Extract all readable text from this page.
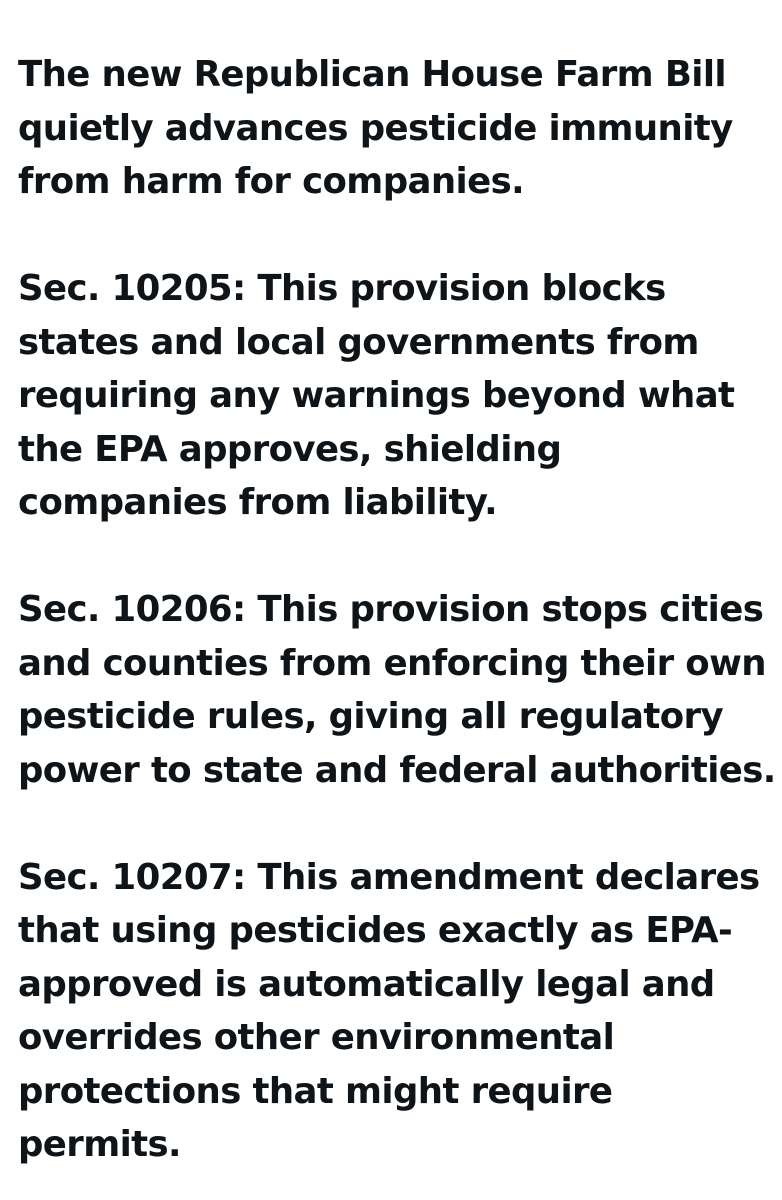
The new Republican House Farm Bill quietly advances pesticide immunity from harm for companies.

Sec. 10205: This provision blocks states and local governments from requiring any warnings beyond what the EPA approves, shielding companies from liability.

Sec. 10206: This provision stops cities and counties from enforcing their own pesticide rules, giving all regulatory power to state and federal authorities.

Sec. 10207: This amendment declares that using pesticides exactly as EPA-approved is automatically legal and overrides other environmental protections that might require permits.
